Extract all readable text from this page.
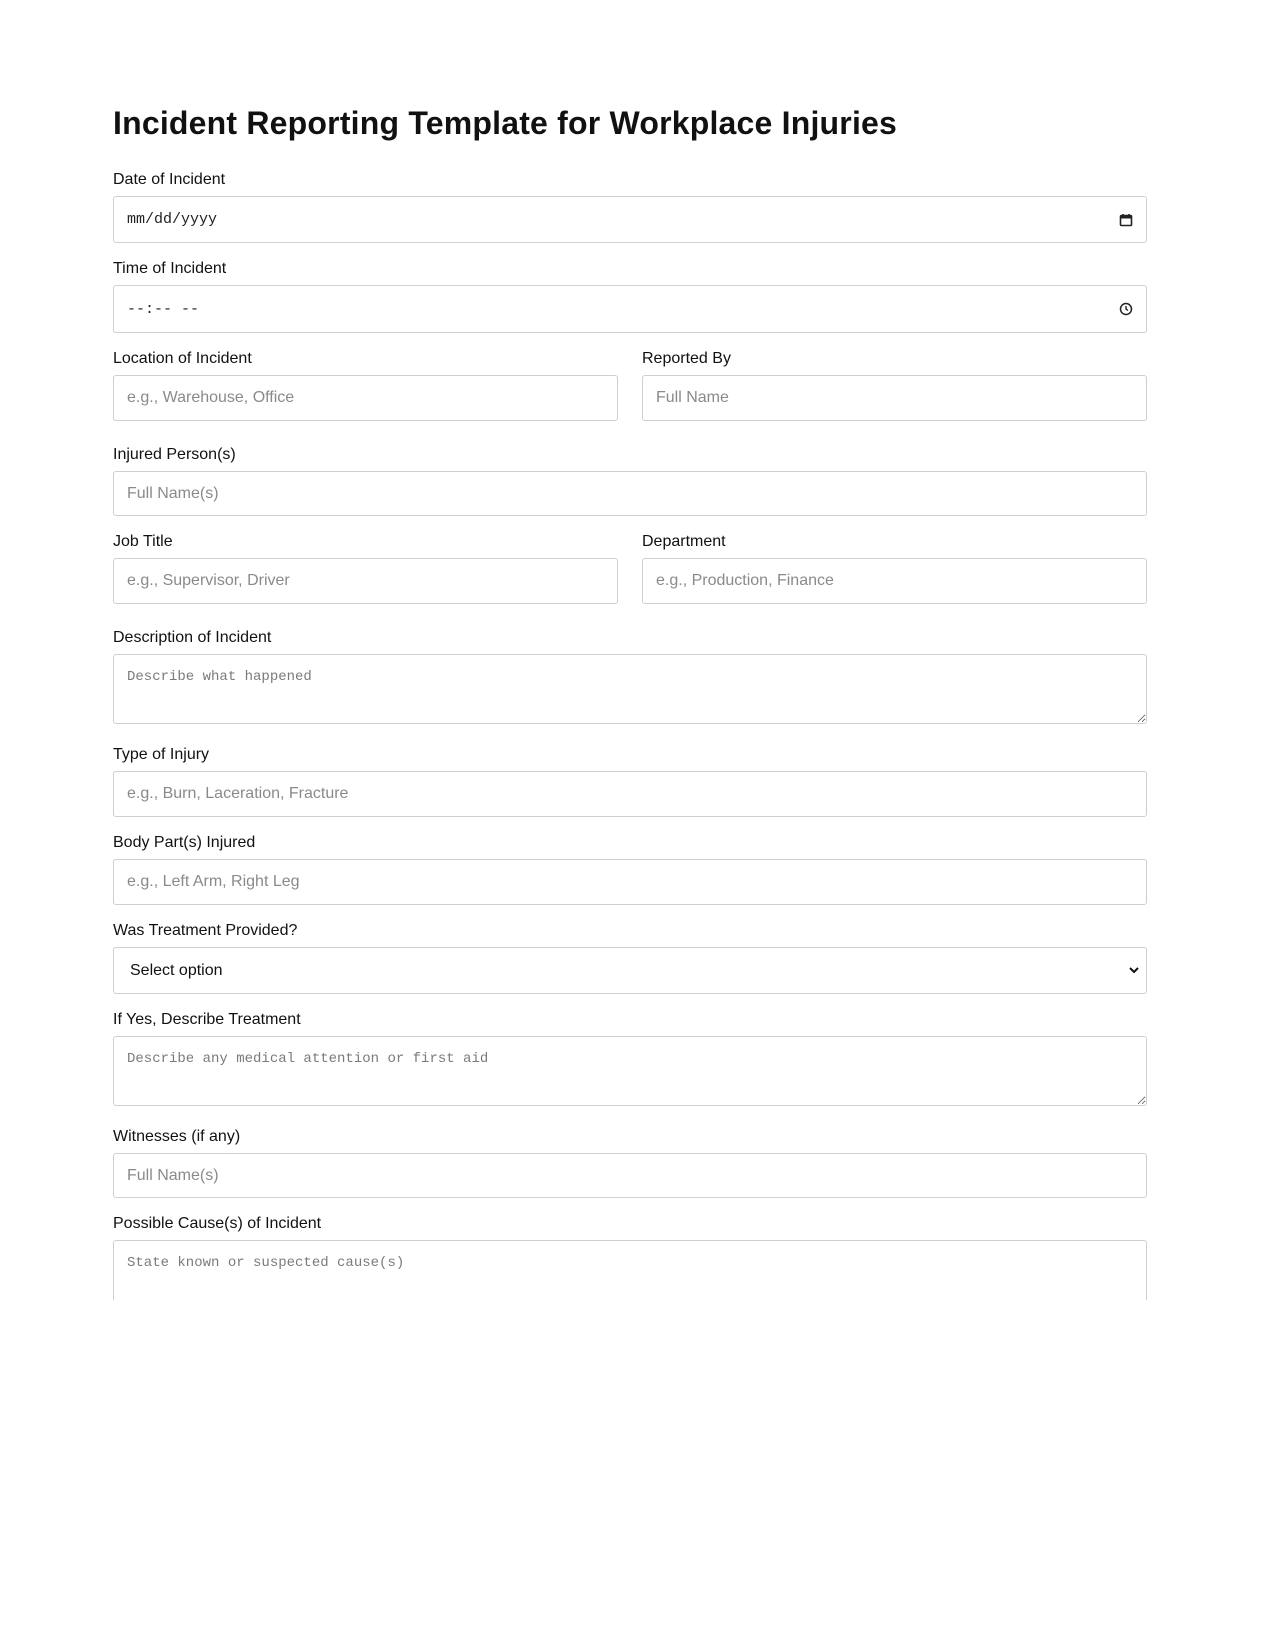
Incident Reporting Template for Workplace Injuries
Date of Incident
mm/dd/yyyy
Time of Incident
--:-- --
Location of Incident
e.g., Warehouse, Office	Reported By
Full Name
Injured Person(s)
Full Name(s)
Job Title
e.g., Supervisor, Driver	Department
e.g., Production, Finance
Description of Incident
Describe what happened
Type of Injury
e.g., Burn, Laceration, Fracture
Body Part(s) Injured
e.g., Left Arm, Right Leg
Was Treatment Provided?
Select option
If Yes, Describe Treatment
Describe any medical attention or first aid
Witnesses (if any)
Full Name(s)
Possible Cause(s) of Incident
State known or suspected cause(s)
